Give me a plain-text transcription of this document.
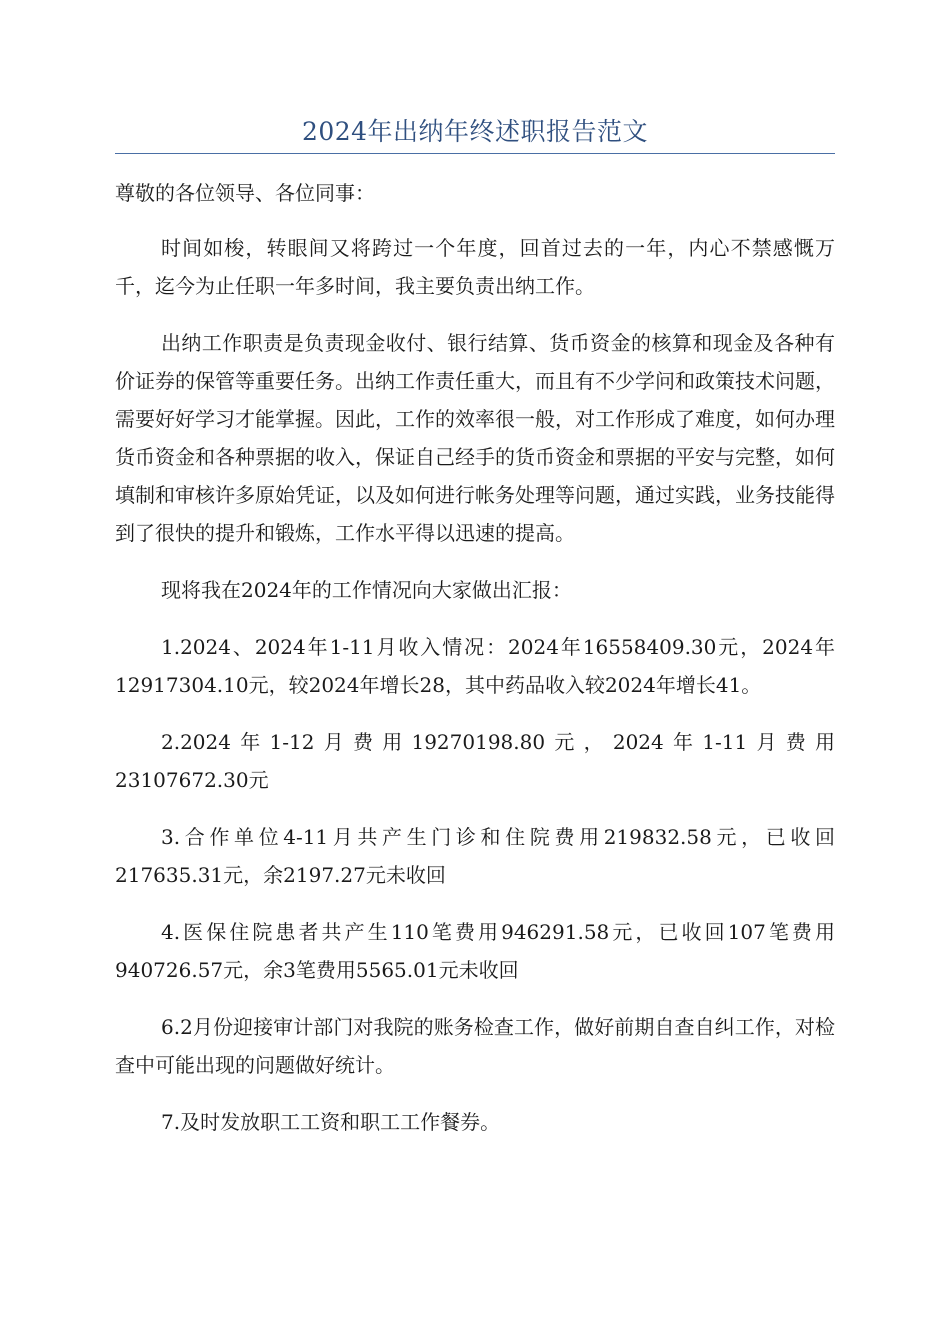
2024年出纳年终述职报告范文

尊敬的各位领导、各位同事：

时间如梭，转眼间又将跨过一个年度，回首过去的一年，内心不禁感慨万千，迄今为止任职一年多时间，我主要负责出纳工作。

出纳工作职责是负责现金收付、银行结算、货币资金的核算和现金及各种有价证券的保管等重要任务。出纳工作责任重大，而且有不少学问和政策技术问题，需要好好学习才能掌握。因此，工作的效率很一般，对工作形成了难度，如何办理货币资金和各种票据的收入，保证自己经手的货币资金和票据的平安与完整，如何填制和审核许多原始凭证，以及如何进行帐务处理等问题，通过实践，业务技能得到了很快的提升和锻炼，工作水平得以迅速的提高。

现将我在2024年的工作情况向大家做出汇报：

1.2024、2024年1-11月收入情况：2024年16558409.30元，2024年12917304.10元，较2024年增长28，其中药品收入较2024年增长41。

2.2024年1-12月费用19270198.80元，2024年1-11月费用23107672.30元

3.合作单位4-11月共产生门诊和住院费用219832.58元，已收回217635.31元，余2197.27元未收回

4.医保住院患者共产生110笔费用946291.58元，已收回107笔费用940726.57元，余3笔费用5565.01元未收回

6.2月份迎接审计部门对我院的账务检查工作，做好前期自查自纠工作，对检查中可能出现的问题做好统计。

7.及时发放职工工资和职工工作餐券。
